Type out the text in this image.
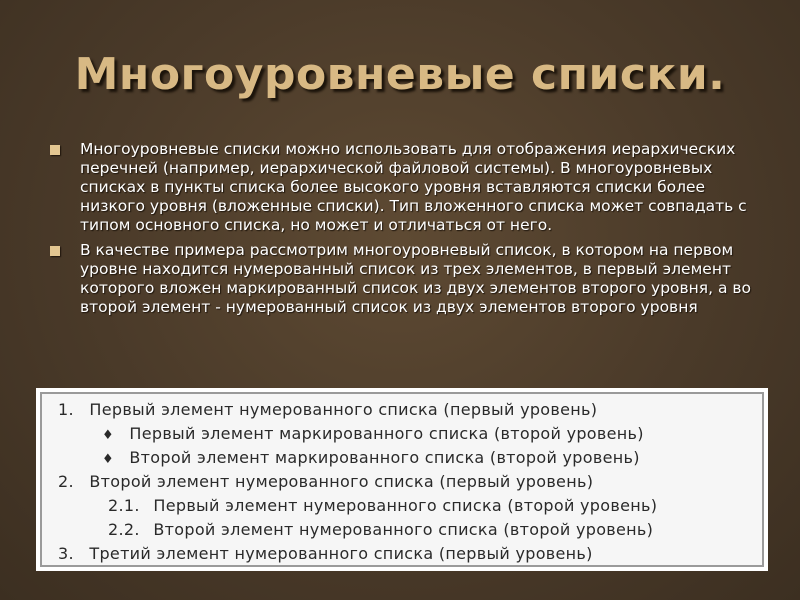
Многоуровневые списки.
Многоуровневые списки можно использовать для отображения иерархических перечней (например, иерархической файловой системы). В многоуровневых списках в пункты списка более высокого уровня вставляются списки более низкого уровня (вложенные списки). Тип вложенного списка может совпадать с типом основного списка, но может и отличаться от него.
В качестве примера рассмотрим многоуровневый список, в котором на первом уровне находится нумерованный список из трех элементов, в первый элемент которого вложен маркированный список из двух элементов второго уровня, а во второй элемент - нумерованный список из двух элементов второго уровня
1. Первый элемент нумерованного списка (первый уровень)
♦ Первый элемент маркированного списка (второй уровень)
♦ Второй элемент маркированного списка (второй уровень)
2. Второй элемент нумерованного списка (первый уровень)
2.1. Первый элемент нумерованного списка (второй уровень)
2.2. Второй элемент нумерованного списка (второй уровень)
3. Третий элемент нумерованного списка (первый уровень)
